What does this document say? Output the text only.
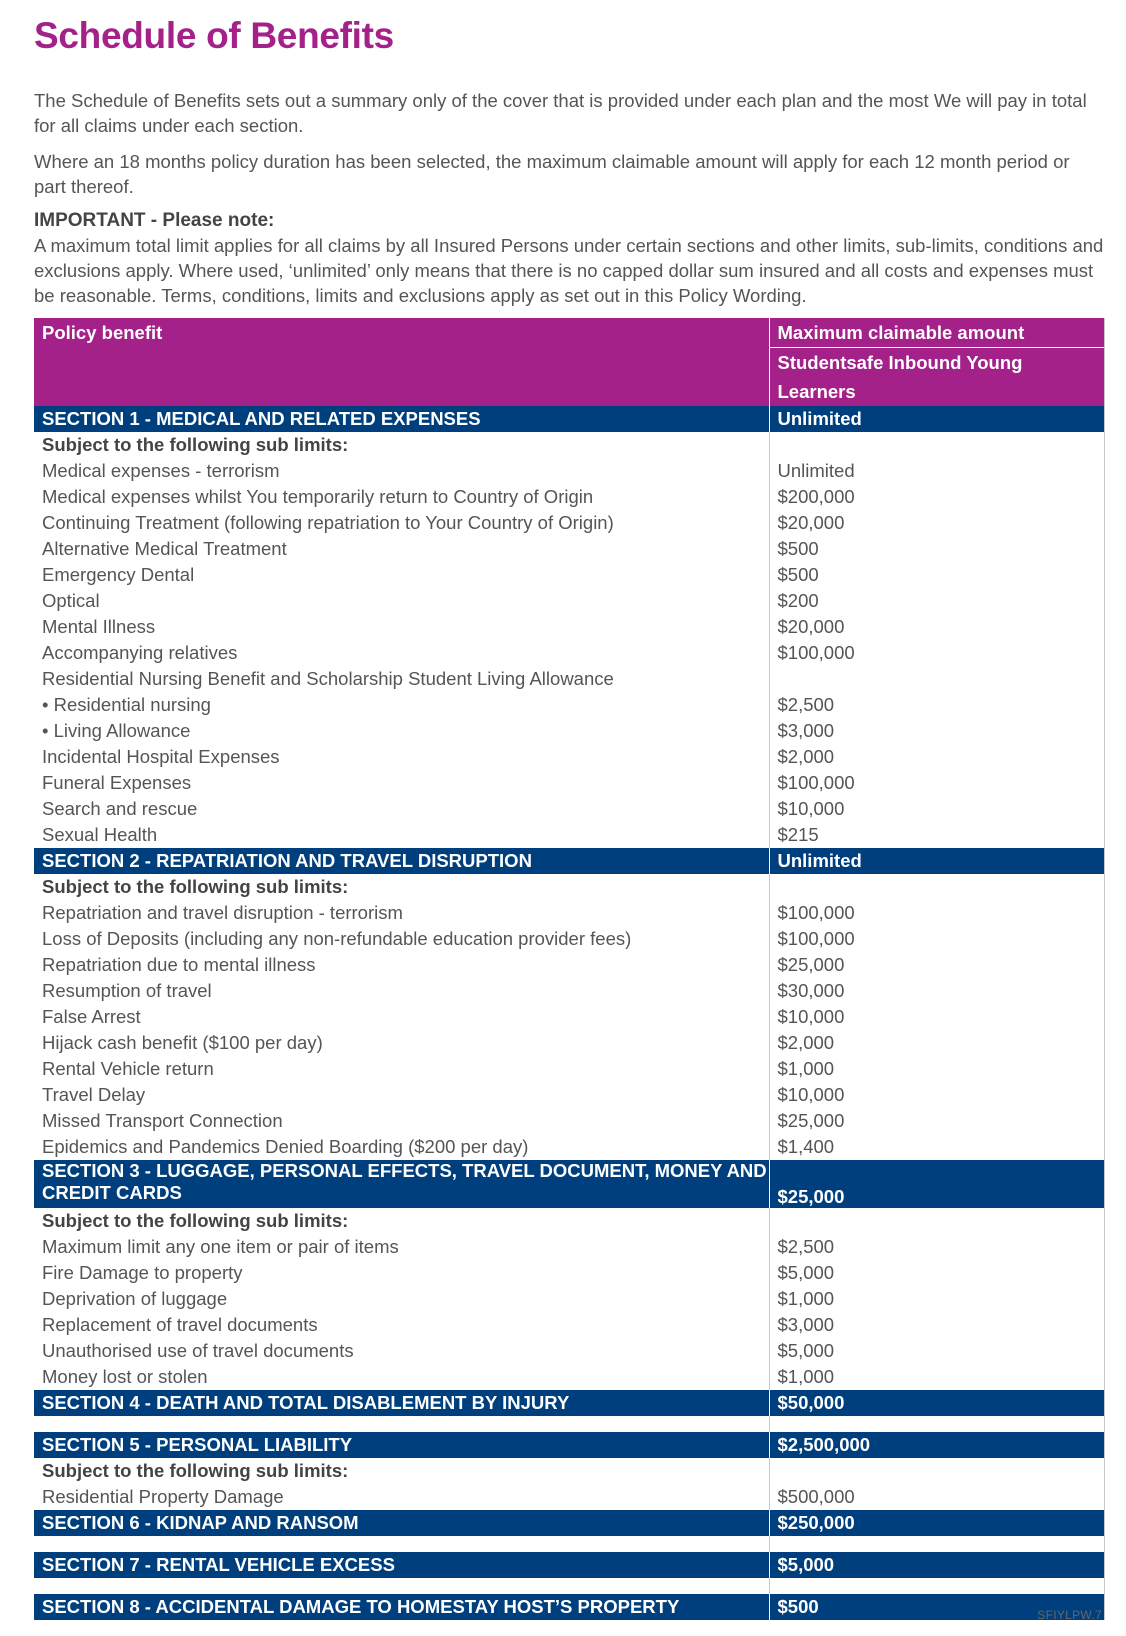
Schedule of Benefits

The Schedule of Benefits sets out a summary only of the cover that is provided under each plan and the most We will pay in total for all claims under each section.

Where an 18 months policy duration has been selected, the maximum claimable amount will apply for each 12 month period or part thereof.

IMPORTANT - Please note:

A maximum total limit applies for all claims by all Insured Persons under certain sections and other limits, sub-limits, conditions and exclusions apply. Where used, ‘unlimited’ only means that there is no capped dollar sum insured and all costs and expenses must be reasonable. Terms, conditions, limits and exclusions apply as set out in this Policy Wording.

Policy benefit	Maximum claimable amount
	Studentsafe Inbound Young Learners
SECTION 1 - MEDICAL AND RELATED EXPENSES	Unlimited
Subject to the following sub limits:	
Medical expenses - terrorism	Unlimited
Medical expenses whilst You temporarily return to Country of Origin	$200,000
Continuing Treatment (following repatriation to Your Country of Origin)	$20,000
Alternative Medical Treatment	$500
Emergency Dental	$500
Optical	$200
Mental Illness	$20,000
Accompanying relatives	$100,000
Residential Nursing Benefit and Scholarship Student Living Allowance	
• Residential nursing	$2,500
• Living Allowance	$3,000
Incidental Hospital Expenses	$2,000
Funeral Expenses	$100,000
Search and rescue	$10,000
Sexual Health	$215
SECTION 2 - REPATRIATION AND TRAVEL DISRUPTION	Unlimited
Subject to the following sub limits:	
Repatriation and travel disruption - terrorism	$100,000
Loss of Deposits (including any non-refundable education provider fees)	$100,000
Repatriation due to mental illness	$25,000
Resumption of travel	$30,000
False Arrest	$10,000
Hijack cash benefit ($100 per day)	$2,000
Rental Vehicle return	$1,000
Travel Delay	$10,000
Missed Transport Connection	$25,000
Epidemics and Pandemics Denied Boarding ($200 per day)	$1,400
SECTION 3 - LUGGAGE, PERSONAL EFFECTS, TRAVEL DOCUMENT, MONEY AND
CREDIT CARDS	$25,000
Subject to the following sub limits:	
Maximum limit any one item or pair of items	$2,500
Fire Damage to property	$5,000
Deprivation of luggage	$1,000
Replacement of travel documents	$3,000
Unauthorised use of travel documents	$5,000
Money lost or stolen	$1,000
SECTION 4 - DEATH AND TOTAL DISABLEMENT BY INJURY	$50,000

SECTION 5 - PERSONAL LIABILITY	$2,500,000
Subject to the following sub limits:	
Residential Property Damage	$500,000
SECTION 6 - KIDNAP AND RANSOM	$250,000

SECTION 7 - RENTAL VEHICLE EXCESS	$5,000

SECTION 8 - ACCIDENTAL DAMAGE TO HOMESTAY HOST’S PROPERTY	$500	SFIYLPW.7
